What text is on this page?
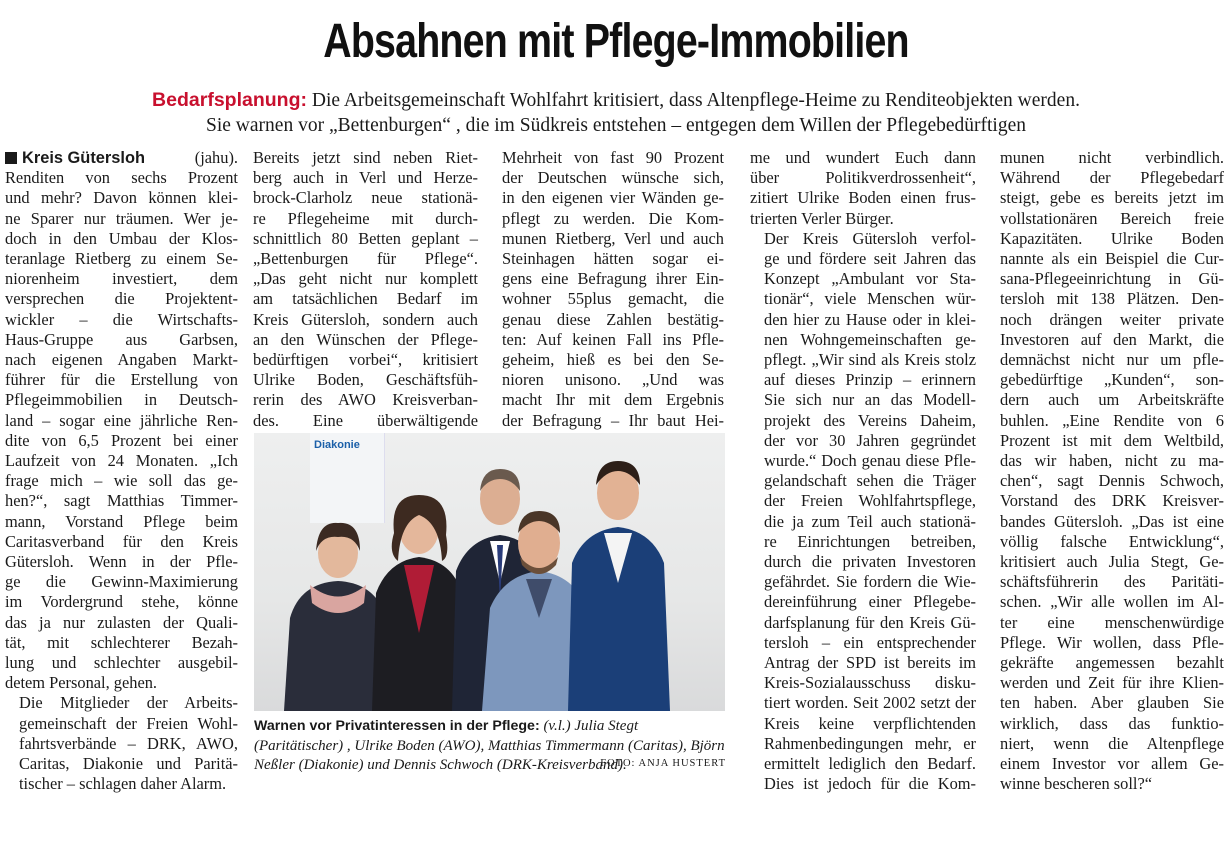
Absahnen mit Pflege-Immobilien
Bedarfsplanung: Die Arbeitsgemeinschaft Wohlfahrt kritisiert, dass Altenpflege-Heime zu Renditeobjekten werden.
Sie warnen vor „Bettenburgen“ , die im Südkreis entstehen – entgegen dem Willen der Pflegebedürftigen

Kreis Gütersloh	(jahu).
Renditen von sechs Prozent
und mehr? Davon können klei-
ne Sparer nur träumen. Wer je-
doch in den Umbau der Klos-
teranlage Rietberg zu einem Se-
niorenheim investiert, dem
versprechen die Projektent-
wickler – die Wirtschafts-
Haus-Gruppe aus Garbsen,
nach eigenen Angaben Markt-
führer für die Erstellung von
Pflegeimmobilien in Deutsch-
land – sogar eine jährliche Ren-
dite von 6,5 Prozent bei einer
Laufzeit von 24 Monaten. „Ich
frage mich – wie soll das ge-
hen?“, sagt Matthias Timmer-
mann, Vorstand Pflege beim
Caritasverband für den Kreis
Gütersloh. Wenn in der Pfle-
ge die Gewinn-Maximierung
im Vordergrund stehe, könne
das ja nur zulasten der Quali-
tät, mit schlechterer Bezah-
lung und schlechter ausgebil-
detem Personal, gehen.

Die Mitglieder der Arbeits-
gemeinschaft der Freien Wohl-
fahrtsverbände – DRK, AWO,
Caritas, Diakonie und Paritä-
tischer – schlagen daher Alarm.

Bereits jetzt sind neben Riet-
berg auch in Verl und Herze-
brock-Clarholz neue stationä-
re Pflegeheime mit durch-
schnittlich 80 Betten geplant –
„Bettenburgen für Pflege“.
„Das geht nicht nur komplett
am tatsächlichen Bedarf im
Kreis Gütersloh, sondern auch
an den Wünschen der Pflege-
bedürftigen vorbei“, kritisiert
Ulrike Boden, Geschäftsfüh-
rerin des AWO Kreisverban-
des. Eine überwältigende

Mehrheit von fast 90 Prozent
der Deutschen wünsche sich,
in den eigenen vier Wänden ge-
pflegt zu werden. Die Kom-
munen Rietberg, Verl und auch
Steinhagen hätten sogar ei-
gens eine Befragung ihrer Ein-
wohner 55plus gemacht, die
genau diese Zahlen bestätig-
ten: Auf keinen Fall ins Pfle-
geheim, hieß es bei den Se-
nioren unisono. „Und was
macht Ihr mit dem Ergebnis
der Befragung – Ihr baut Hei-

me und wundert Euch dann
über Politikverdrossenheit“,
zitiert Ulrike Boden einen frus-
trierten Verler Bürger.

Der Kreis Gütersloh verfol-
ge und fördere seit Jahren das
Konzept „Ambulant vor Sta-
tionär“, viele Menschen wür-
den hier zu Hause oder in klei-
nen Wohngemeinschaften ge-
pflegt. „Wir sind als Kreis stolz
auf dieses Prinzip – erinnern
Sie sich nur an das Modell-
projekt des Vereins Daheim,
der vor 30 Jahren gegründet
wurde.“ Doch genau diese Pfle-
gelandschaft sehen die Träger
der Freien Wohlfahrtspflege,
die ja zum Teil auch stationä-
re Einrichtungen betreiben,
durch die privaten Investoren
gefährdet. Sie fordern die Wie-
dereinführung einer Pflegebe-
darfsplanung für den Kreis Gü-
tersloh – ein entsprechender
Antrag der SPD ist bereits im
Kreis-Sozialausschuss disku-
tiert worden. Seit 2002 setzt der
Kreis keine verpflichtenden
Rahmenbedingungen mehr, er
ermittelt lediglich den Bedarf.
Dies ist jedoch für die Kom-

munen nicht verbindlich.
Während der Pflegebedarf
steigt, gebe es bereits jetzt im
vollstationären Bereich freie
Kapazitäten. Ulrike Boden
nannte als ein Beispiel die Cur-
sana-Pflegeeinrichtung in Gü-
tersloh mit 138 Plätzen. Den-
noch drängen weiter private
Investoren auf den Markt, die
demnächst nicht nur um pfle-
gebedürftige „Kunden“, son-
dern auch um Arbeitskräfte
buhlen. „Eine Rendite von 6
Prozent ist mit dem Weltbild,
das wir haben, nicht zu ma-
chen“, sagt Dennis Schwoch,
Vorstand des DRK Kreisver-
bandes Gütersloh. „Das ist eine
völlig falsche Entwicklung“,
kritisiert auch Julia Stegt, Ge-
schäftsführerin des Paritäti-
schen. „Wir alle wollen im Al-
ter eine menschenwürdige
Pflege. Wir wollen, dass Pfle-
gekräfte angemessen bezahlt
werden und Zeit für ihre Klien-
ten haben. Aber glauben Sie
wirklich, dass das funktio-
niert, wenn die Altenpflege
einem Investor vor allem Ge-
winne bescheren soll?“

Diakonie
Warnen vor Privatinteressen in der Pflege: (v.l.) Julia Stegt (Paritätischer) , Ulrike Boden (AWO), Matthias Timmermann (Caritas), Björn Neßler (Diakonie) und Dennis Schwoch (DRK-Kreisverband).
FOTO: ANJA HUSTERT
